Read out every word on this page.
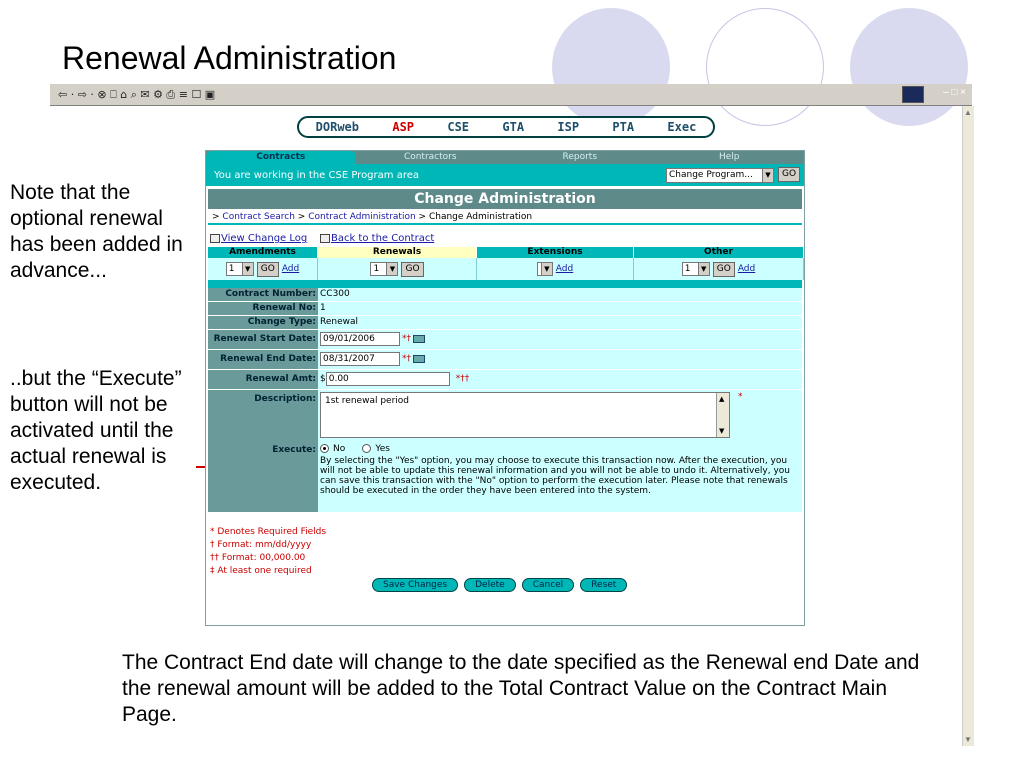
Renewal Administration
⇦ · ⇨ · ⊗ ⎕ ⌂ ⌕ ✉ ⚙ ⎙ ≡ ☐ ▣	– □ ×
▲
▼
Note that the optional renewal has been added in advance...
..but the “Execute” button will not be activated until the actual renewal is executed.
DORweb	ASP	CSE	GTA	ISP	PTA	Exec
Contracts	Contractors	Reports	Help
You are working in the CSE Program area	Change Program...	▼	GO
Change Administration
> Contract Search > Contract Administration > Change Administration
View Change Log Back to the Contract
Amendments	Renewals	Extensions	Other
1	▼	GO Add	1	▼	GO	▼ Add	1	▼	GO Add
Contract Number: CC300
Renewal No: 1
Change Type: Renewal
Renewal Start Date: 09/01/2006	*†
Renewal End Date: 08/31/2007	*†
Renewal Amt: $ 0.00	*††
Description:	1st renewal period	▲
▼
*
Execute:	No	Yes
By selecting the "Yes" option, you may choose to execute this transaction now. After the execution, you will not be able to update this renewal information and you will not be able to undo it. Alternatively, you can save this transaction with the "No" option to perform the execution later. Please note that renewals should be executed in the order they have been entered into the system.
* Denotes Required Fields
† Format: mm/dd/yyyy
†† Format: 00,000.00
‡ At least one required
Save Changes	Delete	Cancel	Reset
The Contract End date will change to the date specified as the Renewal end Date and the renewal amount will be added to the Total Contract Value on the Contract Main Page.
